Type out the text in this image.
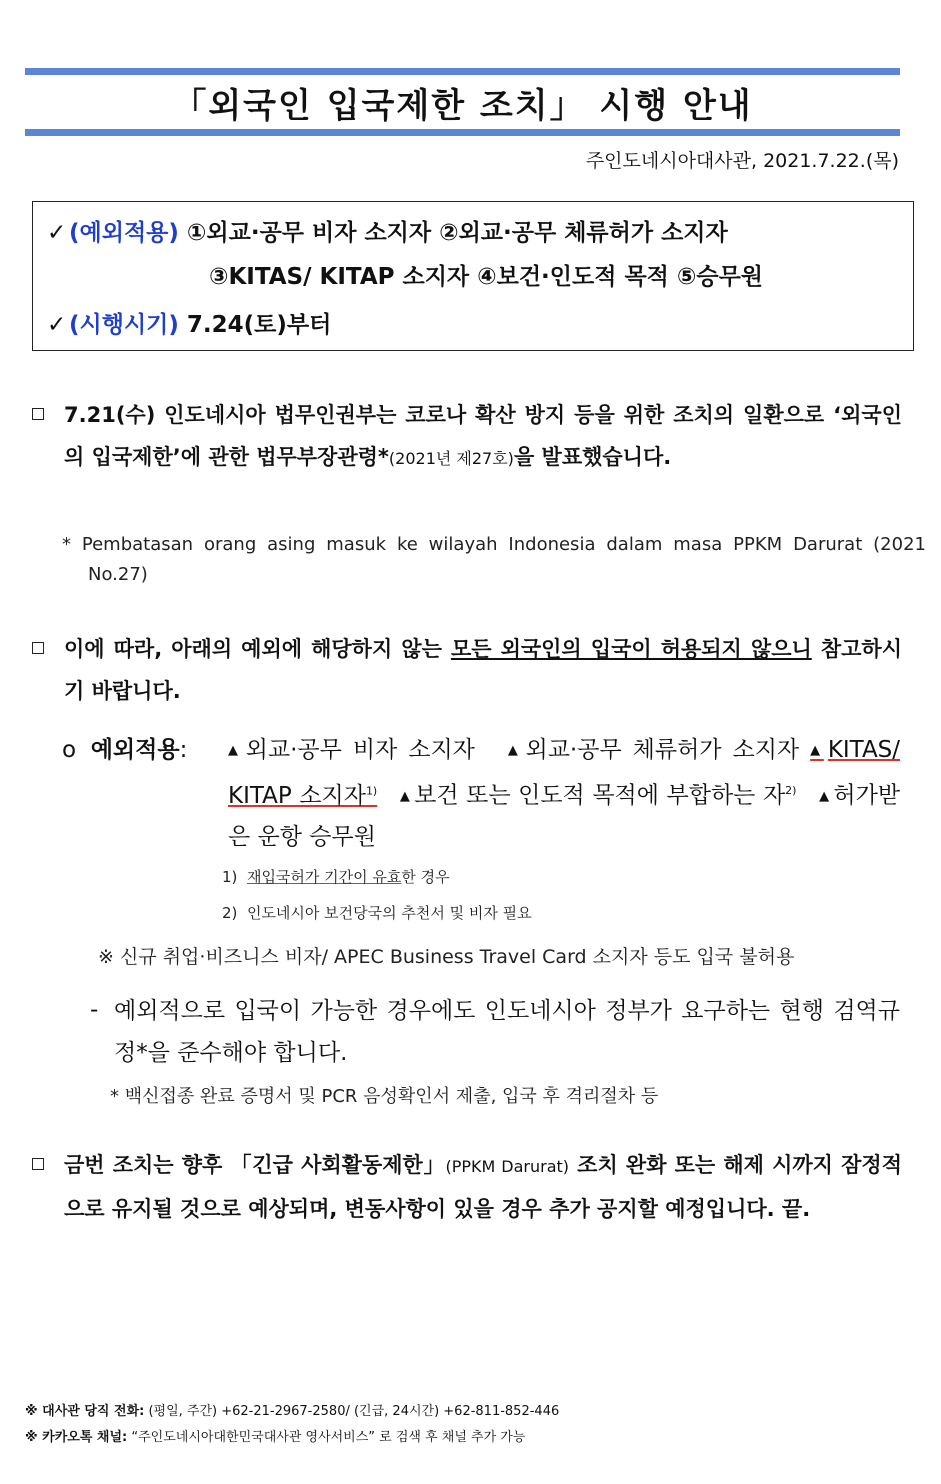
「외국인 입국제한 조치」 시행 안내
주인도네시아대사관, 2021.7.22.(목)
✓ (예외적용) ①외교·공무 비자 소지자 ②외교·공무 체류허가 소지자
③KITAS/ KITAP 소지자 ④보건·인도적 목적 ⑤승무원
✓ (시행시기) 7.24(토)부터
7.21(수) 인도네시아 법무인권부는 코로나 확산 방지 등을 위한 조치의 일환으로 ‘외국인의 입국제한’에 관한 법무부장관령*(2021년 제27호)을 발표했습니다.
* Pembatasan orang asing masuk ke wilayah Indonesia dalam masa PPKM Darurat (2021 No.27)
이에 따라, 아래의 예외에 해당하지 않는 모든 외국인의 입국이 허용되지 않으니 참고하시기 바랍니다.
o 예외적용:	▲ 외교·공무 비자 소지자	▲ 외교·공무 체류허가 소지자 ▲ KITAS/ KITAP 소지자$^{1)}$ ▲ 보건 또는 인도적 목적에 부합하는 자$^{2)}$ ▲ 허가받은 운항 승무원
1) 재입국허가 기간이 유효한 경우
2) 인도네시아 보건당국의 추천서 및 비자 필요
※ 신규 취업·비즈니스 비자/ APEC Business Travel Card 소지자 등도 입국 불허용
- 예외적으로 입국이 가능한 경우에도 인도네시아 정부가 요구하는 현행 검역규정*을 준수해야 합니다.
* 백신접종 완료 증명서 및 PCR 음성확인서 제출, 입국 후 격리절차 등
금번 조치는 향후 「긴급 사회활동제한」(PPKM Darurat) 조치 완화 또는 해제 시까지 잠정적으로 유지될 것으로 예상되며, 변동사항이 있을 경우 추가 공지할 예정입니다. 끝.
※ 대사관 당직 전화: (평일, 주간) +62-21-2967-2580/ (긴급, 24시간) +62-811-852-446
※ 카카오톡 채널: “주인도네시아대한민국대사관 영사서비스” 로 검색 후 채널 추가 가능
